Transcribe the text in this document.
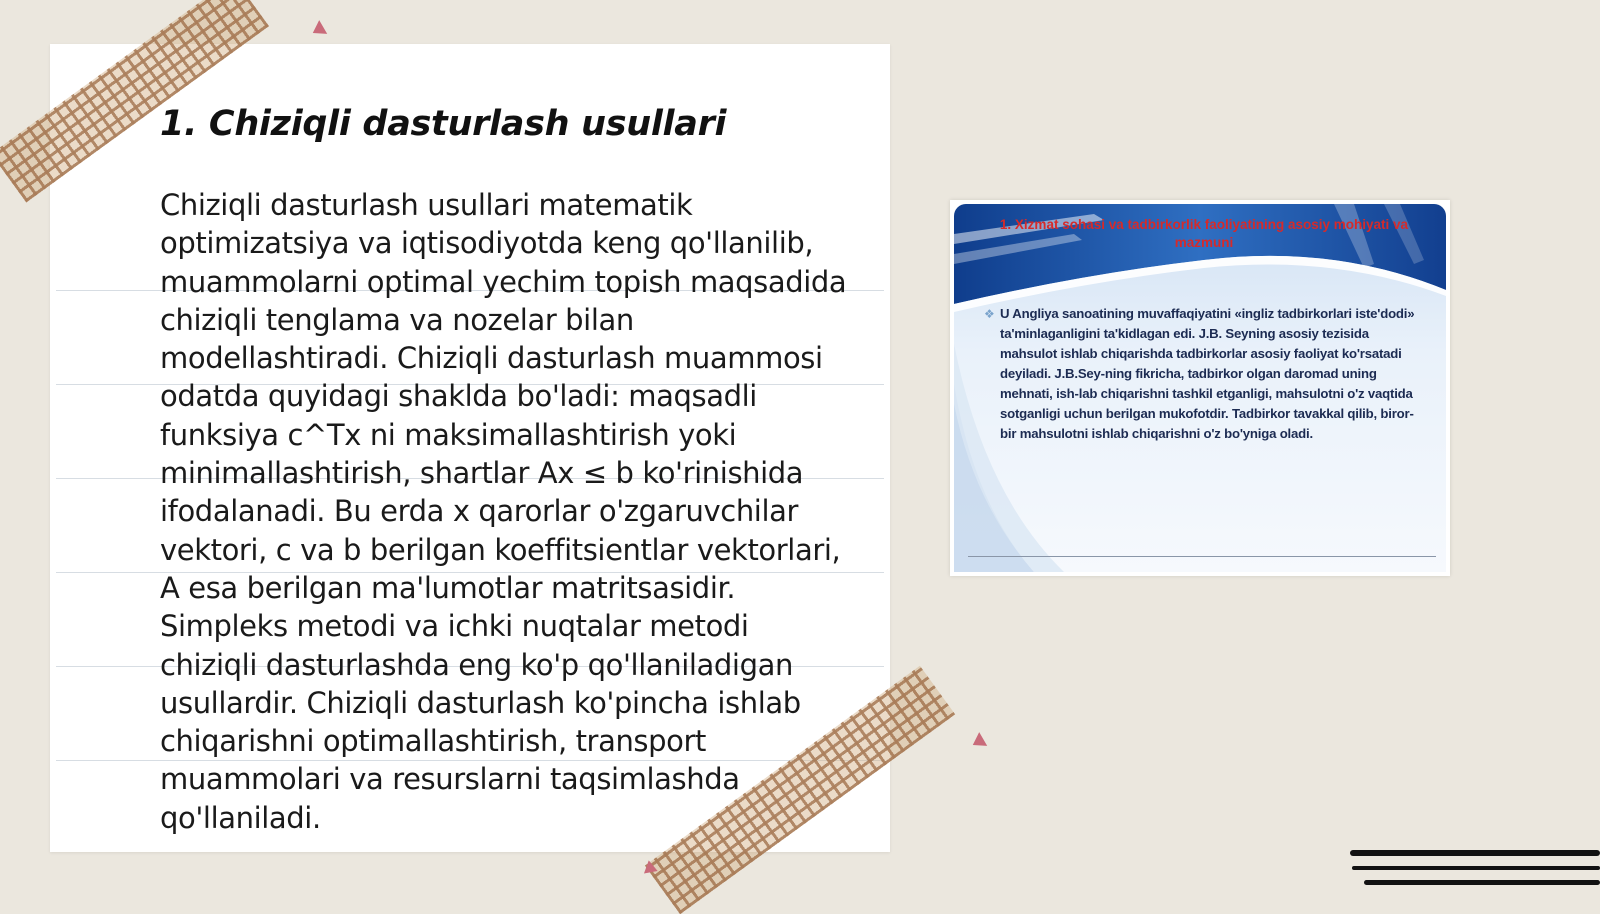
1. Chiziqli dasturlash usullari

Chiziqli dasturlash usullari matematik optimizatsiya va iqtisodiyotda keng qo'llanilib, muammolarni optimal yechim topish maqsadida chiziqli tenglama va nozelar bilan modellashtiradi. Chiziqli dasturlash muammosi odatda quyidagi shaklda bo'ladi: maqsadli funksiya c^Tx ni maksimallashtirish yoki minimallashtirish, shartlar Ax ≤ b ko'rinishida ifodalanadi. Bu erda x qarorlar o'zgaruvchilar vektori, c va b berilgan koeffitsientlar vektorlari, A esa berilgan ma'lumotlar matritsasidir. Simpleks metodi va ichki nuqtalar metodi chiziqli dasturlashda eng ko'p qo'llaniladigan usullardir. Chiziqli dasturlash ko'pincha ishlab chiqarishni optimallashtirish, transport muammolari va resurslarni taqsimlashda qo'llaniladi.

1. Xizmat sohasi va tadbirkorlik faoliyatining asosiy mohiyati va mazmuni
❖ U Angliya sanoatining muvaffaqiyatini «ingliz tadbirkorlari iste'dodi» ta'minlaganligini ta'kidlagan edi. J.B. Seyning asosiy tezisida mahsulot ishlab chiqarishda tadbirkorlar asosiy faoliyat ko'rsatadi deyiladi. J.B.Sey-ning fikricha, tadbirkor olgan daromad uning mehnati, ish-lab chiqarishni tashkil etganligi, mahsulotni o'z vaqtida sotganligi uchun berilgan mukofotdir. Tadbirkor tavakkal qilib, biror-bir mahsulotni ishlab chiqarishni o'z bo'yniga oladi.
